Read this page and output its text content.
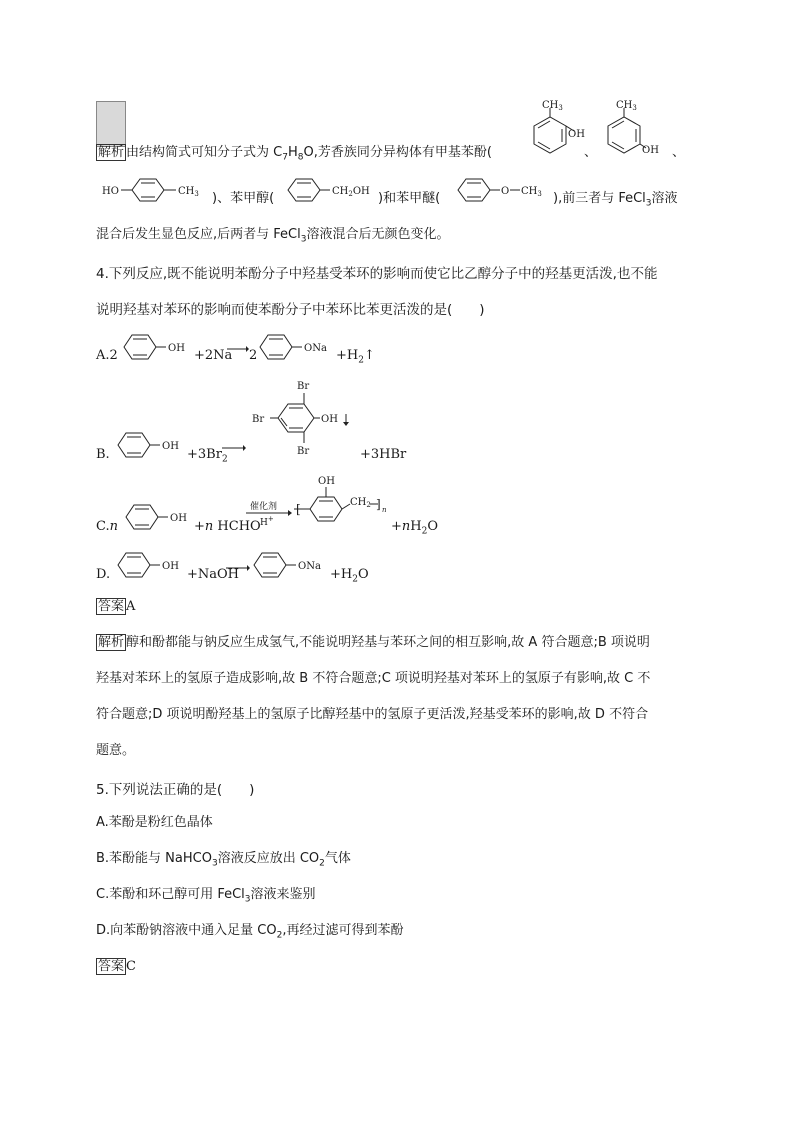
解析 由结构简式可知分子式为 $C_7H_8O$,芳香族同分异构体有甲基苯酚(
$CH_3$
OH
、
$CH_3$
OH 、
HO	$CH_3$ )、苯甲醇(	$CH_2OH$ )和苯甲醚(	O $CH_3$ ),前三者与 FeCl$_3$溶液
混合后发生显色反应,后两者与 FeCl$_3$溶液混合后无颜色变化。
4.下列反应,既不能说明苯酚分子中羟基受苯环的影响而使它比乙醇分子中的羟基更活泼,也不能
说明羟基对苯环的影响而使苯酚分子中苯环比苯更活泼的是(　　)
A.2	OH +2Na 2	ONa $+H_2↑$
B.
OH
$+3Br_2$
Br
Br
Br	OH
+3HBr
C.n
OH
+n HCHO
催化剂
H+
[
OH
$CH_2$ ] n
$+nH_2O$
D.
OH
+NaOH
ONa
$+H_2O$
答案 A
解析 醇和酚都能与钠反应生成氢气,不能说明羟基与苯环之间的相互影响,故 A 符合题意;B 项说明
羟基对苯环上的氢原子造成影响,故 B 不符合题意;C 项说明羟基对苯环上的氢原子有影响,故 C 不
符合题意;D 项说明酚羟基上的氢原子比醇羟基中的氢原子更活泼,羟基受苯环的影响,故 D 不符合
题意。
5.下列说法正确的是(　　)
A.苯酚是粉红色晶体
B.苯酚能与 NaHCO$_3$溶液反应放出 $CO_2$气体
C.苯酚和环己醇可用 FeCl$_3$溶液来鉴别
D.向苯酚钠溶液中通入足量 $CO_2$,再经过滤可得到苯酚
答案 C
